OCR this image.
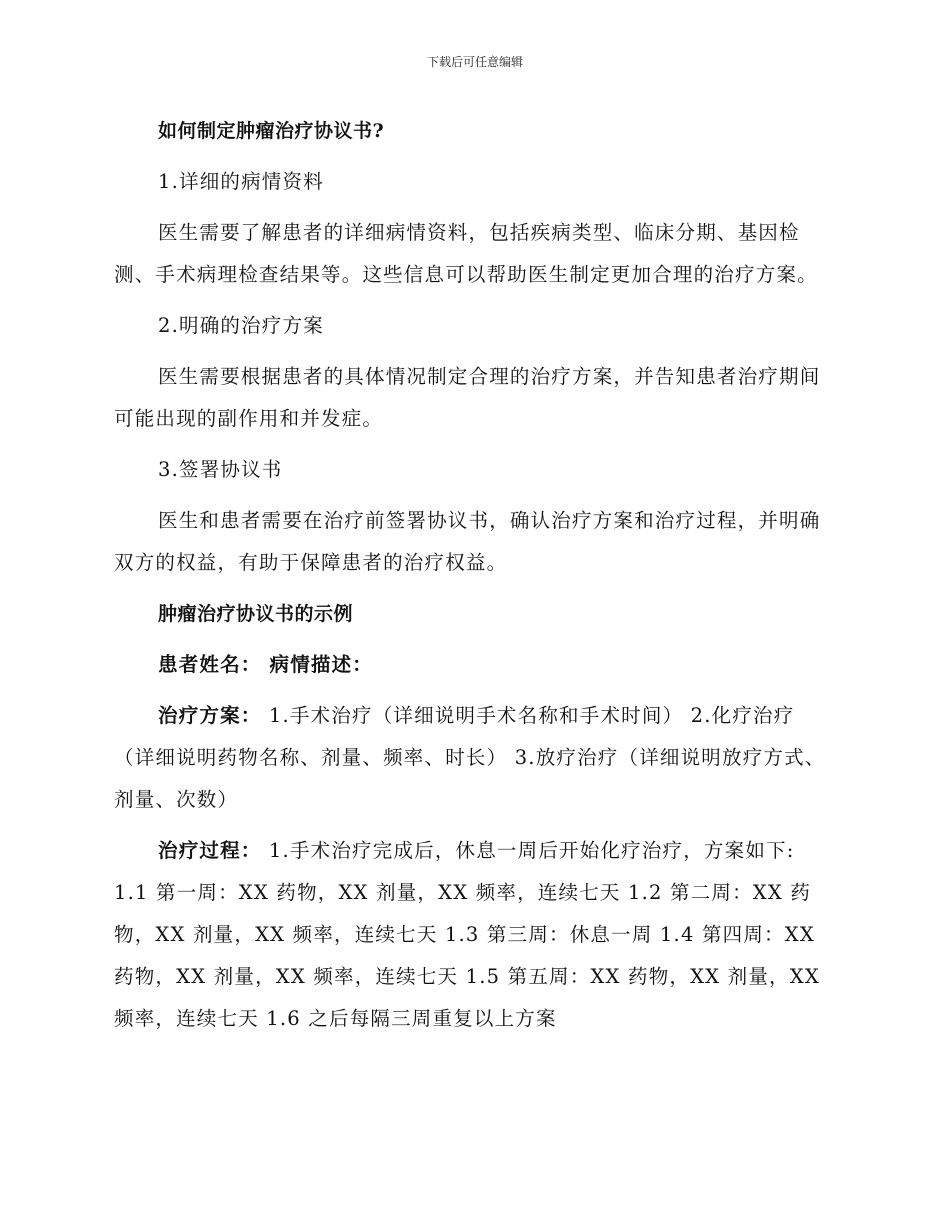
下载后可任意编辑

如何制定肿瘤治疗协议书?

1.详细的病情资料

医生需要了解患者的详细病情资料，包括疾病类型、临床分期、基因检测、手术病理检查结果等。这些信息可以帮助医生制定更加合理的治疗方案。

2.明确的治疗方案

医生需要根据患者的具体情况制定合理的治疗方案，并告知患者治疗期间可能出现的副作用和并发症。

3.签署协议书

医生和患者需要在治疗前签署协议书，确认治疗方案和治疗过程，并明确双方的权益，有助于保障患者的治疗权益。

肿瘤治疗协议书的示例

患者姓名： 病情描述：

治疗方案： 1.手术治疗（详细说明手术名称和手术时间） 2.化疗治疗（详细说明药物名称、剂量、频率、时长） 3.放疗治疗（详细说明放疗方式、剂量、次数）

治疗过程： 1.手术治疗完成后，休息一周后开始化疗治疗，方案如下: 1.1 第一周：XX 药物，XX 剂量，XX 频率，连续七天 1.2 第二周：XX 药物，XX 剂量，XX 频率，连续七天 1.3 第三周：休息一周 1.4 第四周：XX 药物，XX 剂量，XX 频率，连续七天 1.5 第五周：XX 药物，XX 剂量，XX 频率，连续七天 1.6 之后每隔三周重复以上方案
